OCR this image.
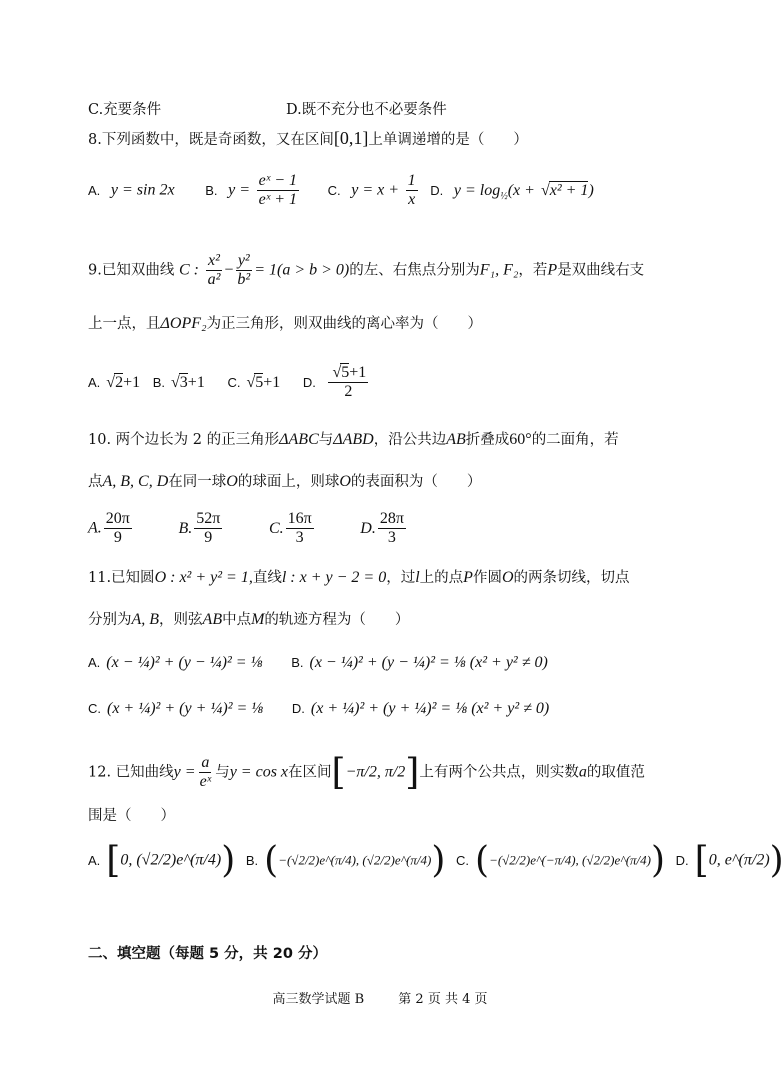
C.充要条件	D.既不充分也不必要条件
8.下列函数中，既是奇函数，又在区间[0,1]上单调递增的是（　　）
A. y = sin 2x B. $y = \frac{\text{eˣ − 1}}{\text{eˣ + 1}} C$. $y = x + \frac{1}{x} D$. $y = \log_{\frac{1}{2}}(x$ + √ x² + 1)
9.已知双曲线 C : $\frac{\text{x²}}{\text{a²}} - \frac{\text{y²}}{\text{b²}} = 1(a > b > 0)$的左、右焦点分别为F₁, F₂，若P是双曲线右支
上一点，且ΔOPF₂为正三角形，则双曲线的离心率为（　　）
A. √ 2+1 B. √ 3+1 C. √ 5+1 D. √ $\frac{5+1}{2}$
10. 两个边长为 2 的正三角形ΔABC与ΔABD，沿公共边AB折叠成60°的二面角，若
点A, B, C, D在同一球O的球面上，则球O的表面积为（　　）
A. $\frac{20\pi}{9}$	B. $\frac{52\pi}{9}$	C. $\frac{16\pi}{3}$	D. $\frac{28\pi}{3}$
11.已知圆O : x² + y² = 1,直线l : x + y − 2 = 0，过l上的点P作圆O的两条切线，切点
分别为A, B，则弦AB中点M的轨迹方程为（　　）
A. (x − ¼)² + (y − ¼)² = ⅛ B. (x − ¼)² + (y − ¼)² = ⅛ (x² + y² ≠ 0)
C. (x + ¼)² + (y + ¼)² = ⅛ D. (x + ¼)² + (y + ¼)² = ⅛ (x² + y² ≠ 0)
12. 已知曲线$y = \frac{a}{\text{eˣ}}$ 与y = cos x在区间[−π/2, π/2]上有两个公共点，则实数a的取值范
围是（　　）
A. [0, (√2/2)e^(π/4)) B. (−(√2/2)e^(π/4), (√2/2)e^(π/4)) C. (−(√2/2)e^(−π/4), (√2/2)e^(π/4)) D. [0, e^(π/2))
二、填空题（每题 5 分，共 20 分）
高三数学试题 B	第 2 页 共 4 页
